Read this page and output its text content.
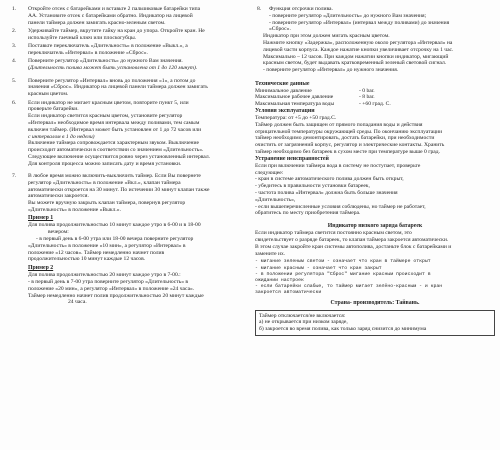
1. Откройте отсек с батарейками и вставьте 2 пальчиковые батарейки типа
АА. Установите отсек с батарейками обратно. Индикатор на лицевой
панели таймера должен замигать красно-зеленым светом.
2. Удерживайте таймер, вкрутите гайку на кран до упора. Откройте кран. Не
используйте гаечный ключ или плоскогубцы.
3. Поставьте переключатель «Длительность» в положение «Выкл.», а
переключатель «Интервал» в положение «Сброс».
4. Поверните регулятор «Длительность» до нужного Вам значения.
(Длительность полива может быть установлена от 1 до 120 минут).
5. Поверните регулятор «Интервал» вновь до положения «1», а потом до
значения «Сброс». Индикатор на лицевой панели таймера должен замигать
красным цветом.
6. Если индикатор не мигает красным цветом, повторите пункт 5, или
проверьте батарейки.
Если индикатор светится красным цветом, установите регулятор
«Интервал» необходимое время интервала между поливами, тем самым
включен таймер. (Интервал может быть установлен от 1 до 72 часов или
с интервалом в 1 до недели)
Включение таймера сопровождается характерным звуком. Выключение
происходит автоматически в соответствии со значением «Длительность».
Следующее включение осуществится ровно через установленный интервал.
Для контроля процесса можно записать дату и время установки.
7. В любое время можно включить-выключить таймер. Если Вы повернете
регулятор «Длительность» в положение «Вкл.», клапан таймера
автоматически откроется на 30 минут. По истечении 30 минут клапан также
автоматически закроется.
Вы можете вручную закрыть клапан таймера, повернув регулятор
«Длительность» в положение «Выкл.».
Пример 1
Для полива продолжительностью 10 минут каждое утро в 6-00 и в 18-00
вечером:
- в первый день в 6-00 утра или 18-00 вечера поверните регулятор
«Длительность» в положение «10 мин», а регулятор «Интервал» в
положение «12 часов». Таймер немедленно начнет полив
продолжительностью 10 минут каждые 12 часов.
Пример 2
Для полива продолжительностью 20 минут каждое утро в 7-00.:
- в первый день в 7-00 утра поверните регулятор «Длительность» в
положение «20 мин», а регулятор «Интервал» в положение «24 часа».
Таймер немедленно начнет полив продолжительностью 20 минут каждые
24 часа.
8. Функция отсрочки полива.
- поверните регулятор «Длительность» до нужного Вам значения;
- поверните регулятор «Интервал» (интервал между поливами) до значения
«Сброс».
Индикатор при этом должен мигать красным цветом.
Нажмите кнопку «Задержка», расположенную около регулятора «Интервал» на
лицевой части корпуса. Каждое нажатие кнопки увеличивает отсрочку на 1 час.
Максимально – 12 часов. При каждом нажатии кнопки индикатор, мигающий
красным светом, будет выдавать кратковременный зеленый световой сигнал.
- поверните регулятор «Интервал» до нужного значения.
Технические данные
Минимальное давление	- 0 bar.
Максимальное рабочее давление	- 8 bar.
Максимальная температура воды	- +60 град. С.
Условия эксплуатации
Температура: от +5 до +50 град.С.
Таймер должен быть защищен от прямого попадания воды и действия
отрицательной температуры окружающей среды. По окончанию эксплуатации
таймер необходимо демонтировать, достать батарейки, при необходимости
очистить от загрязнений корпус, регулятор и электрические контакты. Хранить
таймер необходимо без батареек в сухом месте при температуре выше 0 град.
Устранение неисправностей
Если при включении таймера вода в систему не поступает, проверьте
следующее:
- кран в системе автоматического полива должен быть открыт,
- убедитесь в правильности установки батареек,
- частота полива «Интервал» должна быть больше значения
«Длительность»,
- если вышеперечисленные условия соблюдены, но таймер не работает,
обратитесь по месту приобретения таймера.
Индикатор низкого заряда батареек
Если индикатор таймера светится постоянно красным светом, это
свидетельствует о разряде батареек, то клапан таймера закроется автоматически.
В этом случае закройте кран системы автополива, достаньте блок с батарейками и
замените их.
- мигание зеленым светом - означает что кран в таймере открыт
- мигание красным - означает что кран закрыт
- в положении регулятора "Сброс" мигание красным происходит в
ожидании настроек
- если батарейки слабые, то таймер мигает зелёно-красным - и кран
закроется автоматически
Страна- производитель: Тайвань.
Таймер отключается/не включается:
а) не открывается при низком заряде,
б) закроется во время полива, как только заряд снизится до минимума
